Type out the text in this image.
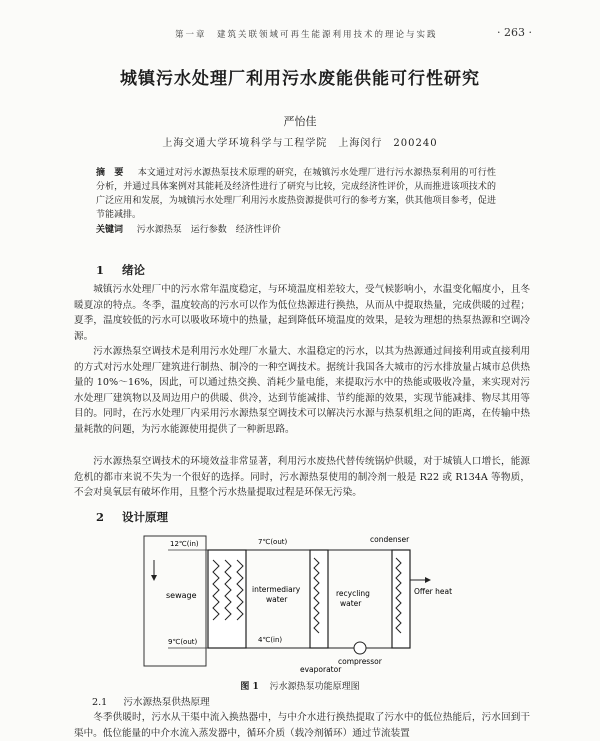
第一章　建筑关联领域可再生能源利用技术的理论与实践	· 263 ·
城镇污水处理厂利用污水废能供能可行性研究
严怡佳
上海交通大学环境科学与工程学院　上海闵行　200240
摘　要 本文通过对污水源热泵技术原理的研究，在城镇污水处理厂进行污水源热泵利用的可行性分析，并通过具体案例对其能耗及经济性进行了研究与比较，完成经济性评价，从而推进该项技术的广泛应用和发展，为城镇污水处理厂利用污水废热资源提供可行的参考方案，供其他项目参考，促进节能减排。
关键词 污水源热泵　运行参数　经济性评价
1 绪论

城镇污水处理厂中的污水常年温度稳定，与环境温度相差较大，受气候影响小，水温变化幅度小，且冬暖夏凉的特点。冬季，温度较高的污水可以作为低位热源进行换热，从而从中提取热量，完成供暖的过程；夏季，温度较低的污水可以吸收环境中的热量，起到降低环境温度的效果，是较为理想的热泵热源和空调冷源。

污水源热泵空调技术是利用污水处理厂水量大、水温稳定的污水，以其为热源通过间接利用或直接利用的方式对污水处理厂建筑进行制热、制冷的一种空调技术。据统计我国各大城市的污水排放量占城市总供热量的 10%～16%，因此，可以通过热交换、消耗少量电能，来提取污水中的热能或吸收冷量，来实现对污水处理厂建筑物以及周边用户的供暖、供冷，达到节能减排、节约能源的效果，实现节能减排、物尽其用等目的。同时，在污水处理厂内采用污水源热泵空调技术可以解决污水源与热泵机组之间的距离，在传输中热量耗散的问题，为污水能源使用提供了一种新思路。

污水源热泵空调技术的环境效益非常显著，利用污水废热代替传统锅炉供暖，对于城镇人口增长，能源危机的都市来说不失为一个很好的选择。同时，污水源热泵使用的制冷剂一般是 R22 或 R134A 等物质，不会对臭氧层有破坏作用，且整个污水热量提取过程是环保无污染。

2 设计原理
sewage
12℃(in)
9℃(out)
7℃(out)
4℃(in)
intermediary water
evaporator
recycling water
compressor
condenser
Offer heat
图 1 污水源热泵功能原理图
2.1 污水源热泵供热原理

冬季供暖时，污水从干渠中流入换热器中，与中介水进行换热提取了污水中的低位热能后，污水回到干渠中。低位能量的中介水流入蒸发器中，循环介质（载冷剂循环）通过节流装置
